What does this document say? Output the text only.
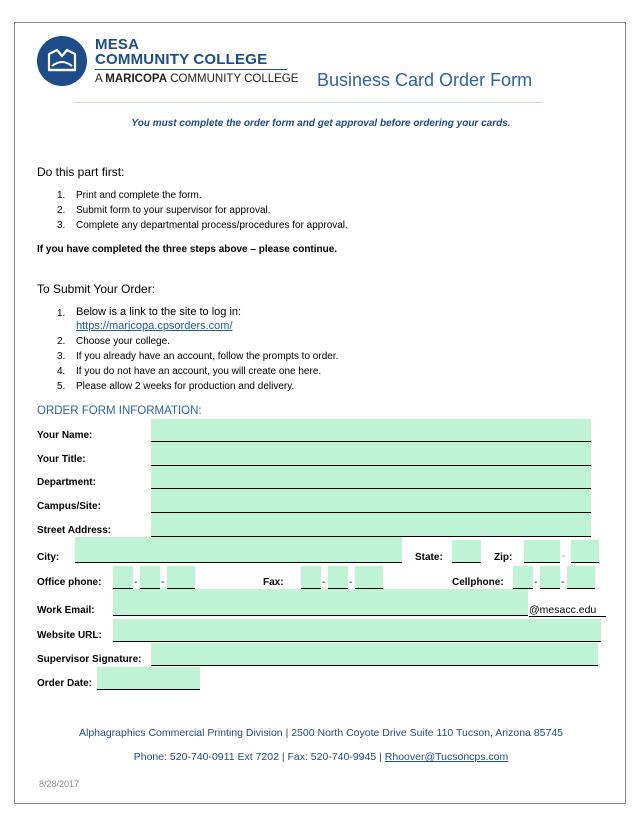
MESA
COMMUNITY COLLEGE
A MARICOPA COMMUNITY COLLEGE Business Card Order Form
You must complete the order form and get approval before ordering your cards.
Do this part first:
1. Print and complete the form.
2. Submit form to your supervisor for approval.
3. Complete any departmental process/procedures for approval.
If you have completed the three steps above – please continue.
To Submit Your Order:
1. Below is a link to the site to log in:
https://maricopa.cpsorders.com/
2. Choose your college.
3. If you already have an account, follow the prompts to order.
4. If you do not have an account, you will create one here.
5. Please allow 2 weeks for production and delivery.
ORDER FORM INFORMATION:
Your Name:
Your Title:
Department:
Campus/Site:
Street Address:
City:	State:	Zip:	-
Office phone:	- -	Fax:	- -	Cellphone:	- -
Work Email:	@mesacc.edu
Website URL:
Supervisor Signature:
Order Date:
Alphagraphics Commercial Printing Division | 2500 North Coyote Drive Suite 110 Tucson, Arizona 85745
Phone: 520-740-0911 Ext 7202 | Fax: 520-740-9945 | Rhoover@Tucsoncps.com
8/28/2017
